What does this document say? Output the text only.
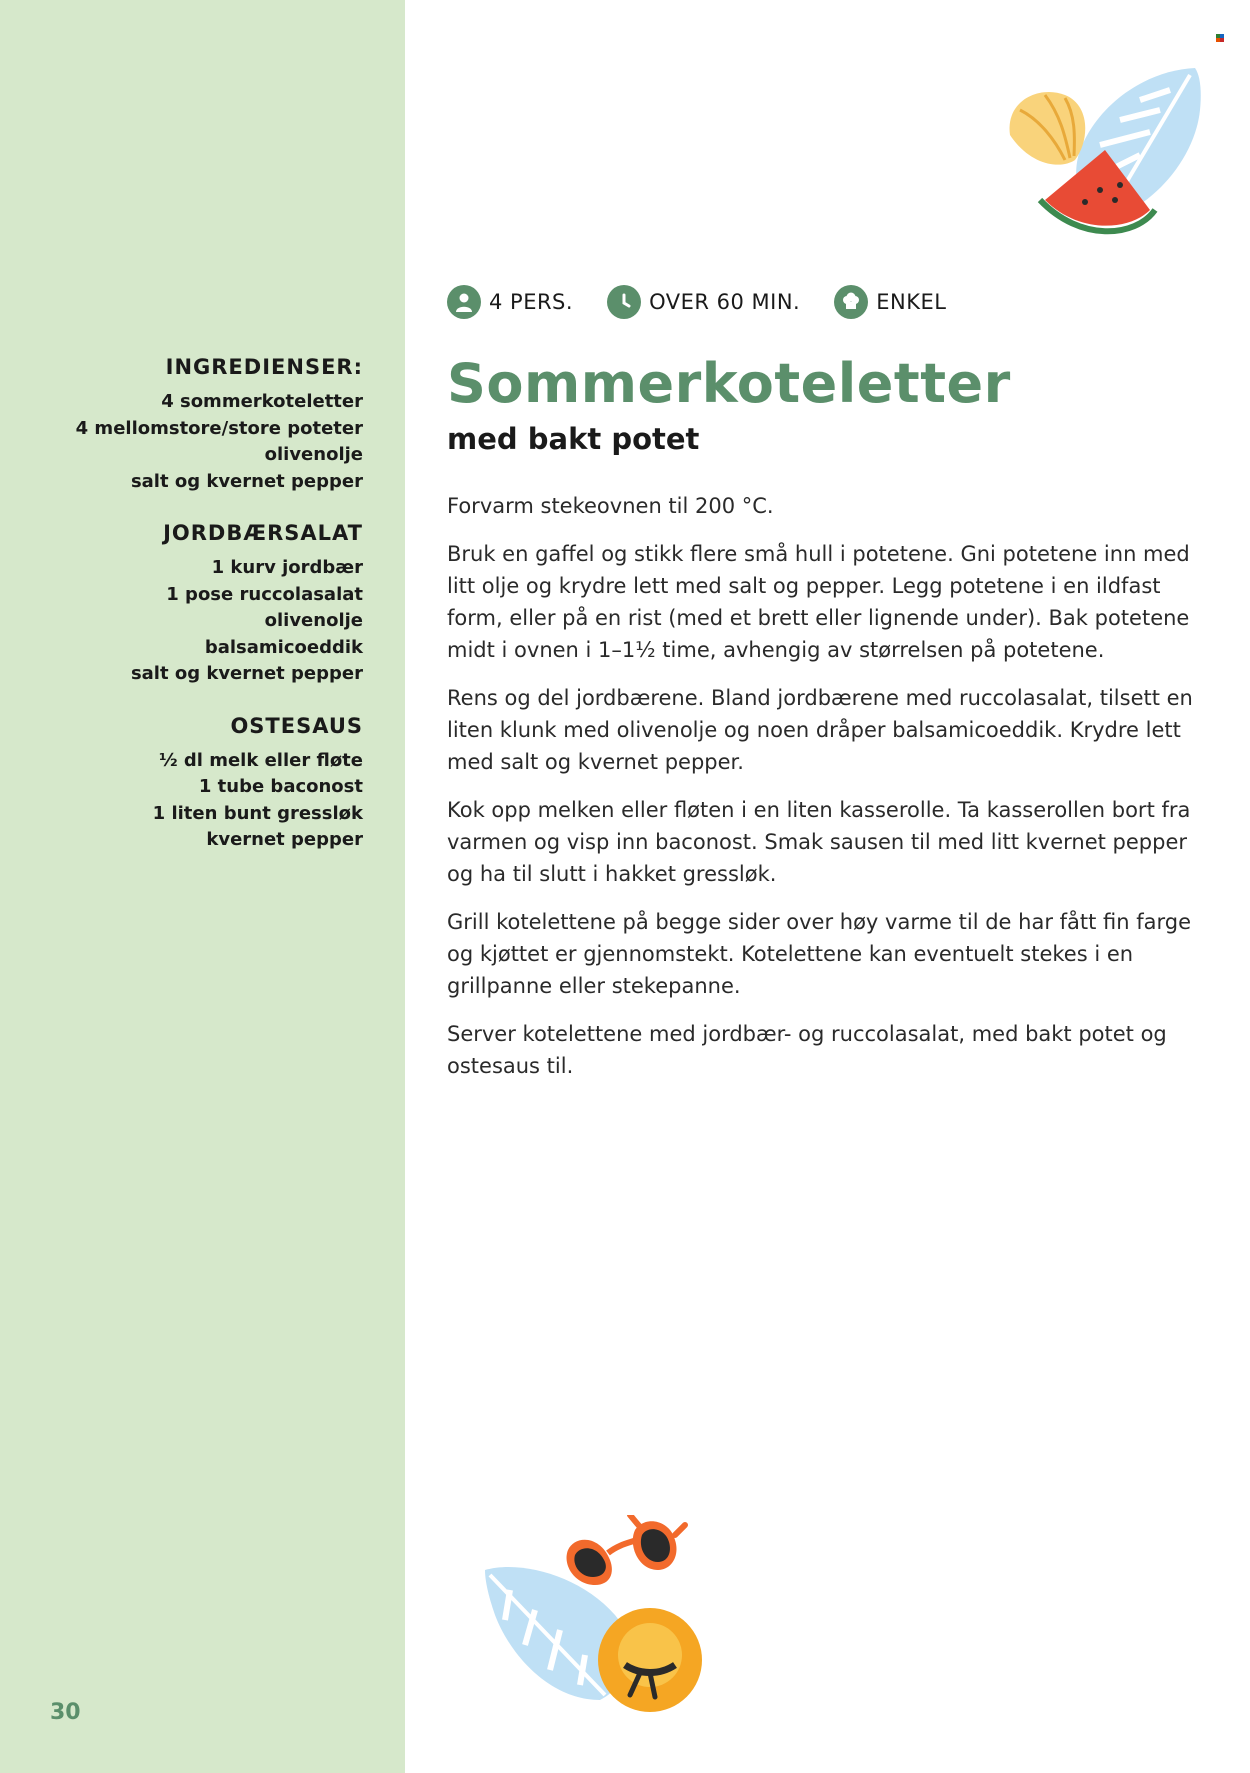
INGREDIENSER:
4 sommerkoteletter
4 mellomstore/store poteter
olivenolje
salt og kvernet pepper
JORDBÆRSALAT
1 kurv jordbær
1 pose ruccolasalat
olivenolje
balsamicoeddik
salt og kvernet pepper
OSTESAUS
½ dl melk eller fløte
1 tube baconost
1 liten bunt gressløk
kvernet pepper
30
4 PERS.	OVER 60 MIN.	ENKEL
Sommerkoteletter
med bakt potet

Forvarm stekeovnen til 200 °C.

Bruk en gaffel og stikk flere små hull i potetene. Gni potetene inn med litt olje og krydre lett med salt og pepper. Legg potetene i en ildfast form, eller på en rist (med et brett eller lignende under). Bak potetene midt i ovnen i 1–1½ time, avhengig av størrelsen på potetene.

Rens og del jordbærene. Bland jordbærene med ruccolasalat, tilsett en liten klunk med olivenolje og noen dråper balsamicoeddik. Krydre lett med salt og kvernet pepper.

Kok opp melken eller fløten i en liten kasserolle. Ta kasserollen bort fra varmen og visp inn baconost. Smak sausen til med litt kvernet pepper og ha til slutt i hakket gressløk.

Grill kotelettene på begge sider over høy varme til de har fått fin farge og kjøttet er gjennomstekt. Kotelettene kan eventuelt stekes i en grillpanne eller stekepanne.

Server kotelettene med jordbær- og ruccolasalat, med bakt potet og ostesaus til.
